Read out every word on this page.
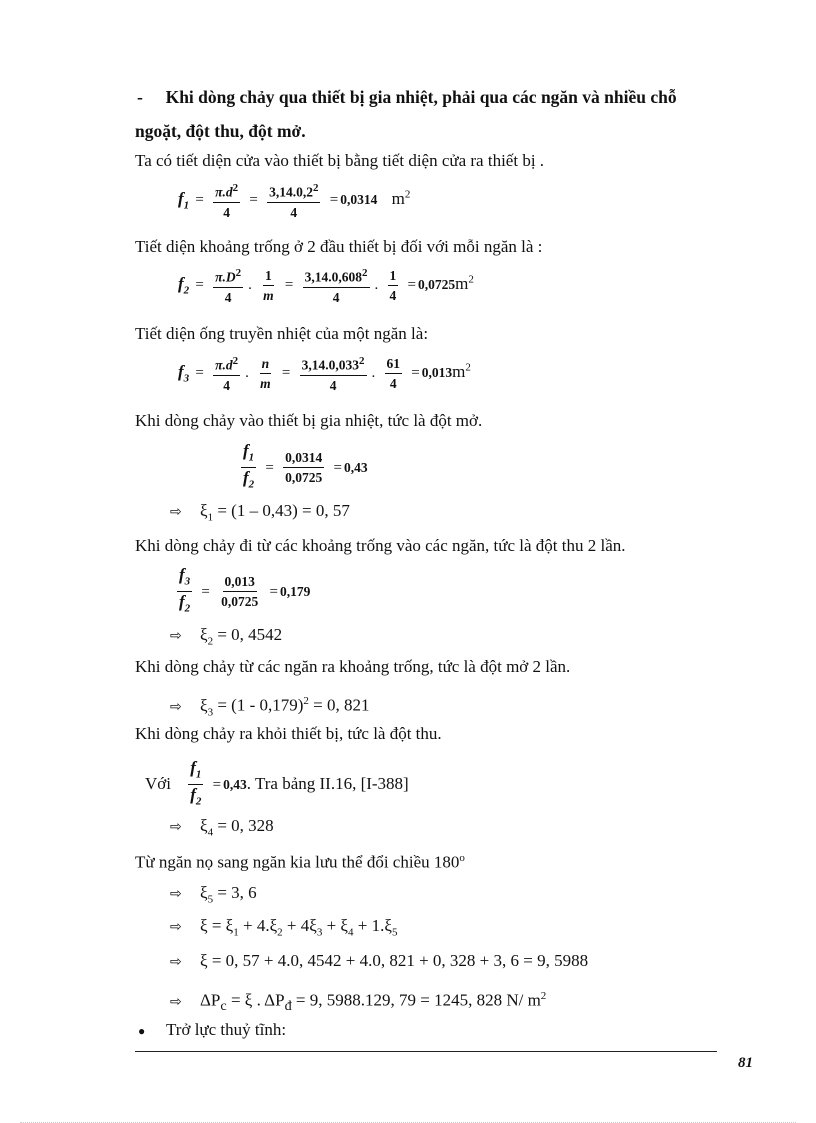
- Khi dòng chảy qua thiết bị gia nhiệt, phải qua các ngăn và nhiều chỗ
ngoặt, đột thu, đột mở.
Ta có tiết diện cửa vào thiết bị bằng tiết diện cửa ra thiết bị .
$f_1 = \frac{\pi.d^2}{4} = \frac{3,14.0,2^2}{4} = 0,0314$ $m^2$
Tiết diện khoảng trống ở 2 đầu thiết bị đối với mỗi ngăn là :
$f_2 = \frac{\pi.D^2}{4}$ . $\frac{1}{m} = \frac{3,14.0,608^2}{4}$ . $\frac{1}{4} = 0,0725m^2$
Tiết diện ống truyền nhiệt của một ngăn là:
$f_3 = \frac{\pi.d^2}{4}$ . $\frac{n}{m} = \frac{3,14.0,033^2}{4}$ . $\frac{61}{4} = 0,013m^2$
Khi dòng chảy vào thiết bị gia nhiệt, tức là đột mở.
$\frac{f_1}{f_2} = \frac{0,0314}{0,0725} = 0,43$
⇨ $\xi_1 = (1 - 0,43) = 0$, 57
Khi dòng chảy đi từ các khoảng trống vào các ngăn, tức là đột thu 2 lần.
$\frac{f_3}{f_2} = \frac{0,013}{0,0725} = 0,179$
⇨ $\xi_2 = 0$, 4542
Khi dòng chảy từ các ngăn ra khoảng trống, tức là đột mở 2 lần.
⇨ $\xi_3 = (1 - 0,179)^2 = 0$, 821
Khi dòng chảy ra khỏi thiết bị, tức là đột thu.
Với $\frac{f_1}{f_2} = 0,43$. Tra bảng II.16, [I-388]
⇨ $\xi_4 = 0$, 328
Từ ngăn nọ sang ngăn kia lưu thể đổi chiều 180$^o$
⇨ $\xi_5 = 3$, 6
⇨ $\xi = \xi_1 + 4.\xi_2 + 4\xi_3 + \xi_4 + 1.\xi_5$
⇨ ξ = 0, 57 + 4.0, 4542 + 4.0, 821 + 0, 328 + 3, 6 = 9, 5988
⇨ $\Delta P_c = \xi$ . $\Delta P_đ = 9$, 5988.129, 79 = 1245, 828 N/ $m^2$
● Trở lực thuỷ tĩnh:
81
